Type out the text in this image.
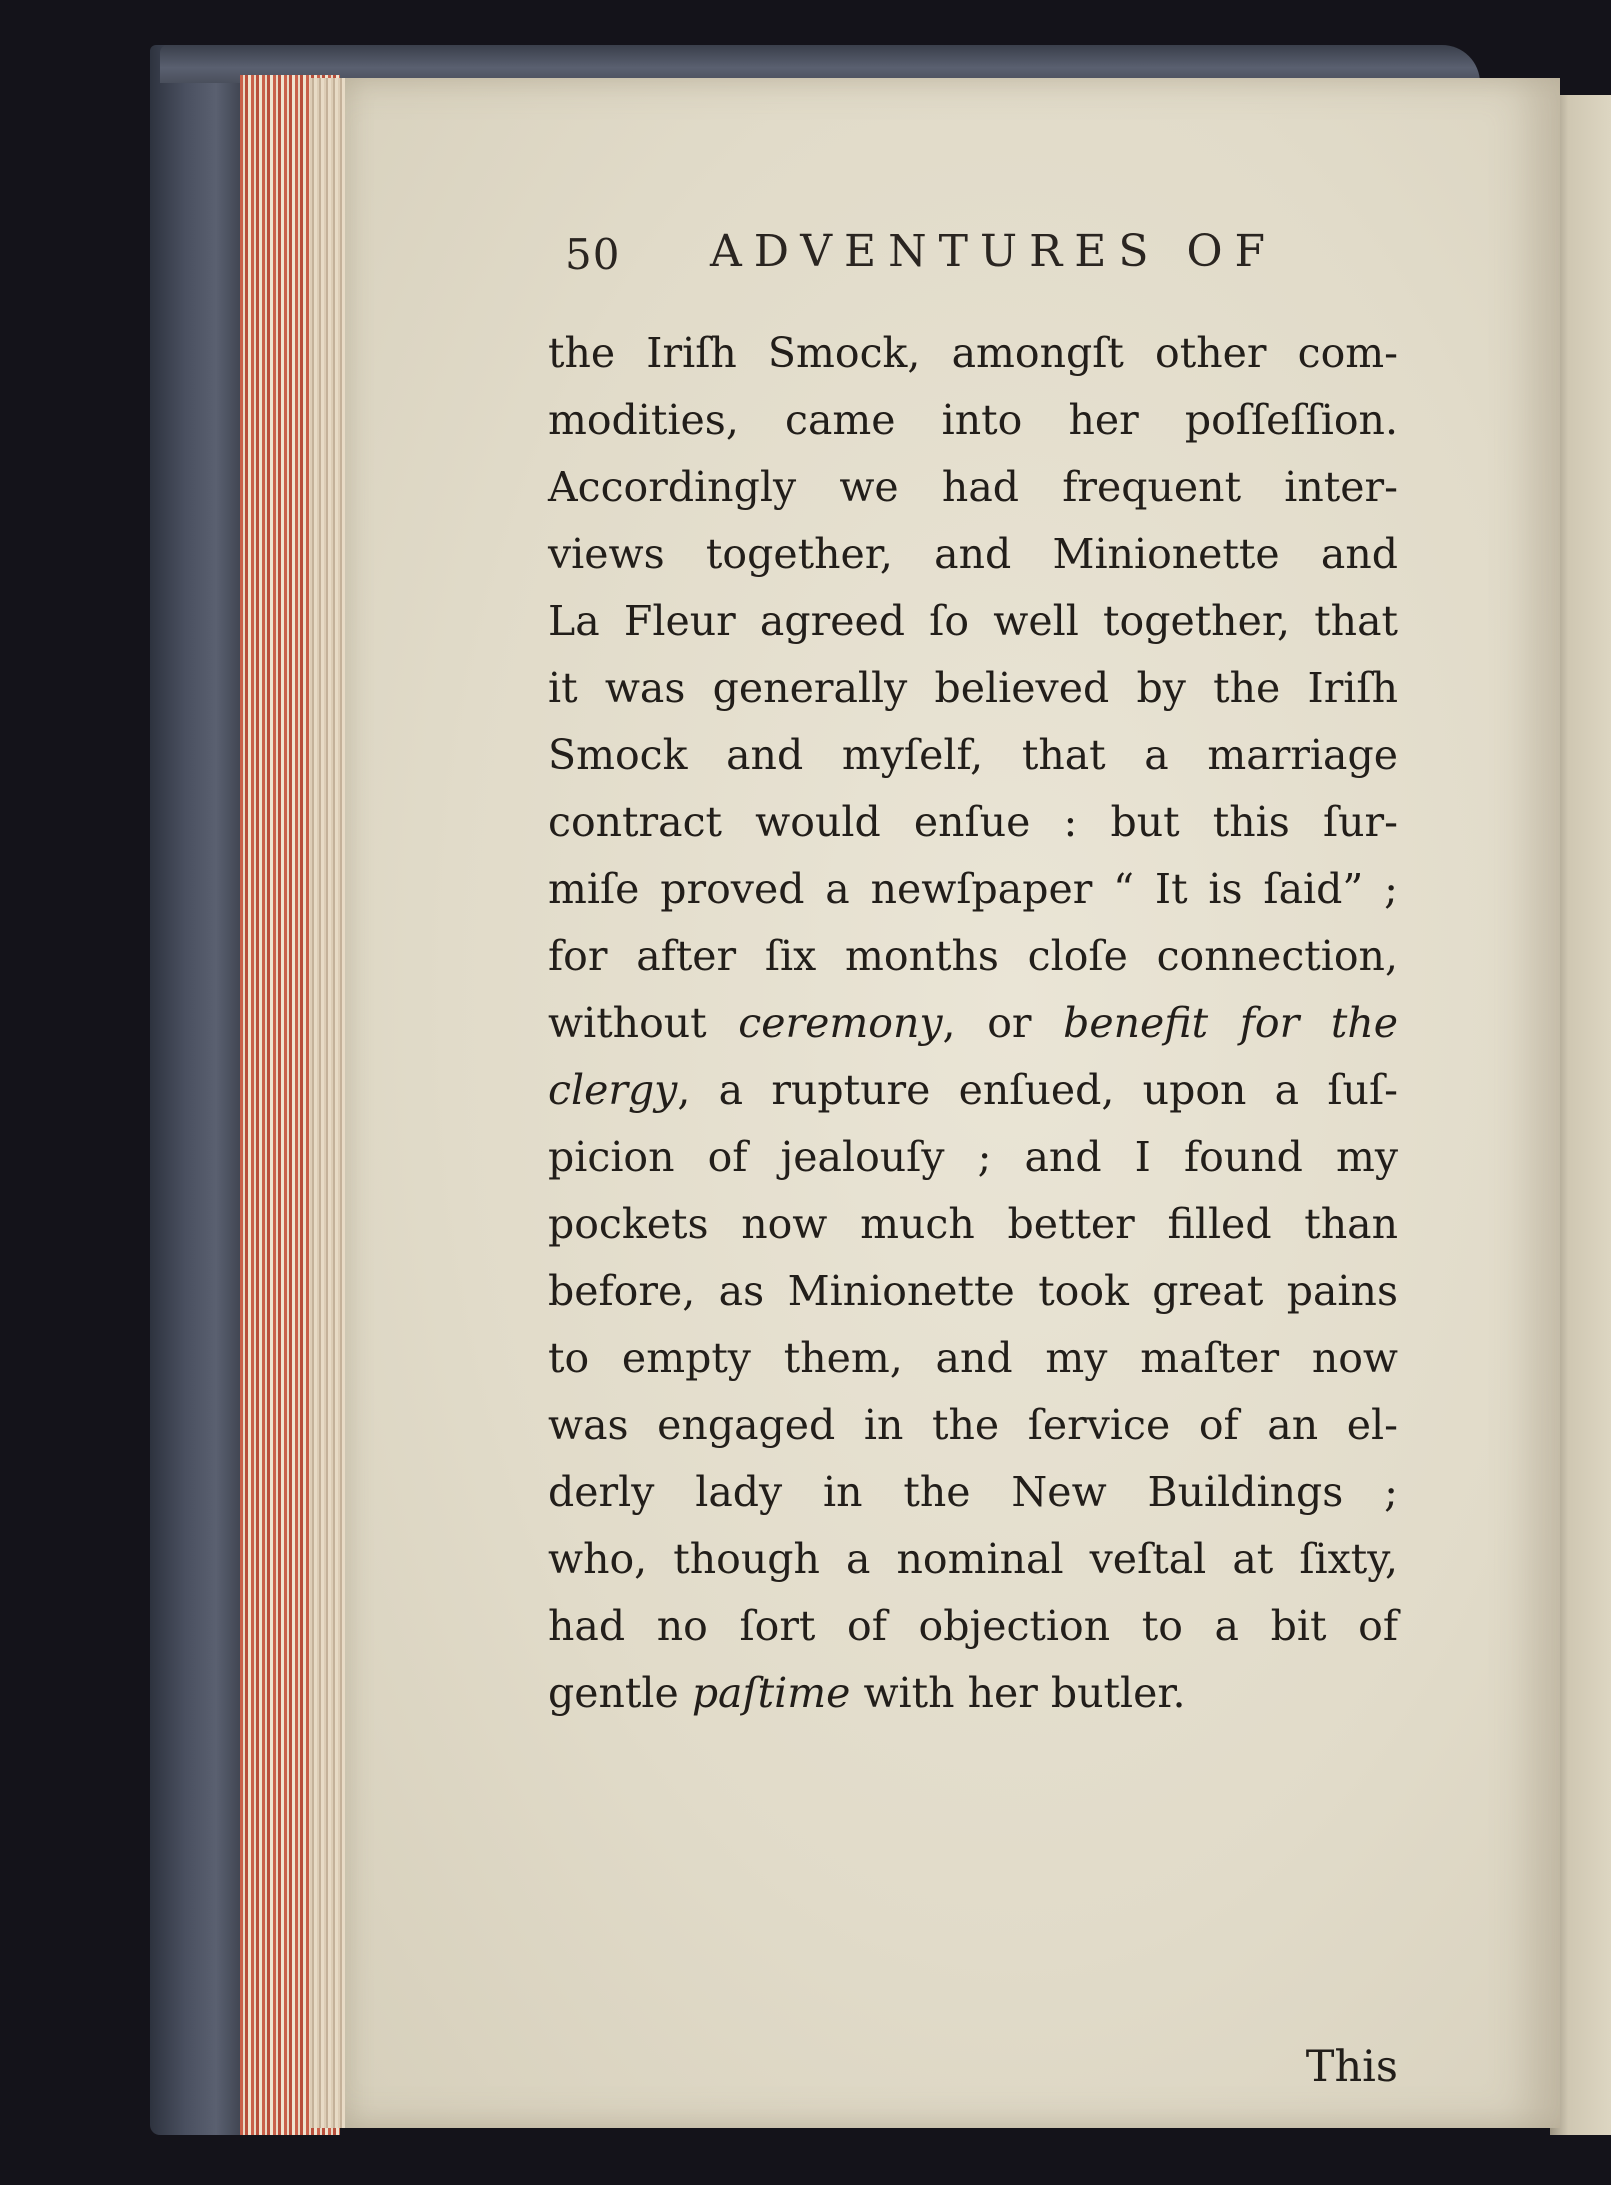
50 ADVENTURES OF
the Iriſh Smock, amongſt other com-
modities, came into her poſſeſſion.
Accordingly we had frequent inter-
views together, and Minionette and
La Fleur agreed ſo well together, that
it was generally believed by the Iriſh
Smock and myſelf, that a marriage
contract would enſue : but this ſur-
miſe proved a newſpaper “ It is ſaid” ;
for after ſix months cloſe connection,
without ceremony, or benefit for the
clergy, a rupture enſued, upon a ſuſ-
picion of jealouſy ; and I found my
pockets now much better filled than
before, as Minionette took great pains
to empty them, and my maſter now
was engaged in the ſervice of an el-
derly lady in the New Buildings ;
who, though a nominal veſtal at ſixty,
had no ſort of objection to a bit of
gentle paſtime with her butler.
This
